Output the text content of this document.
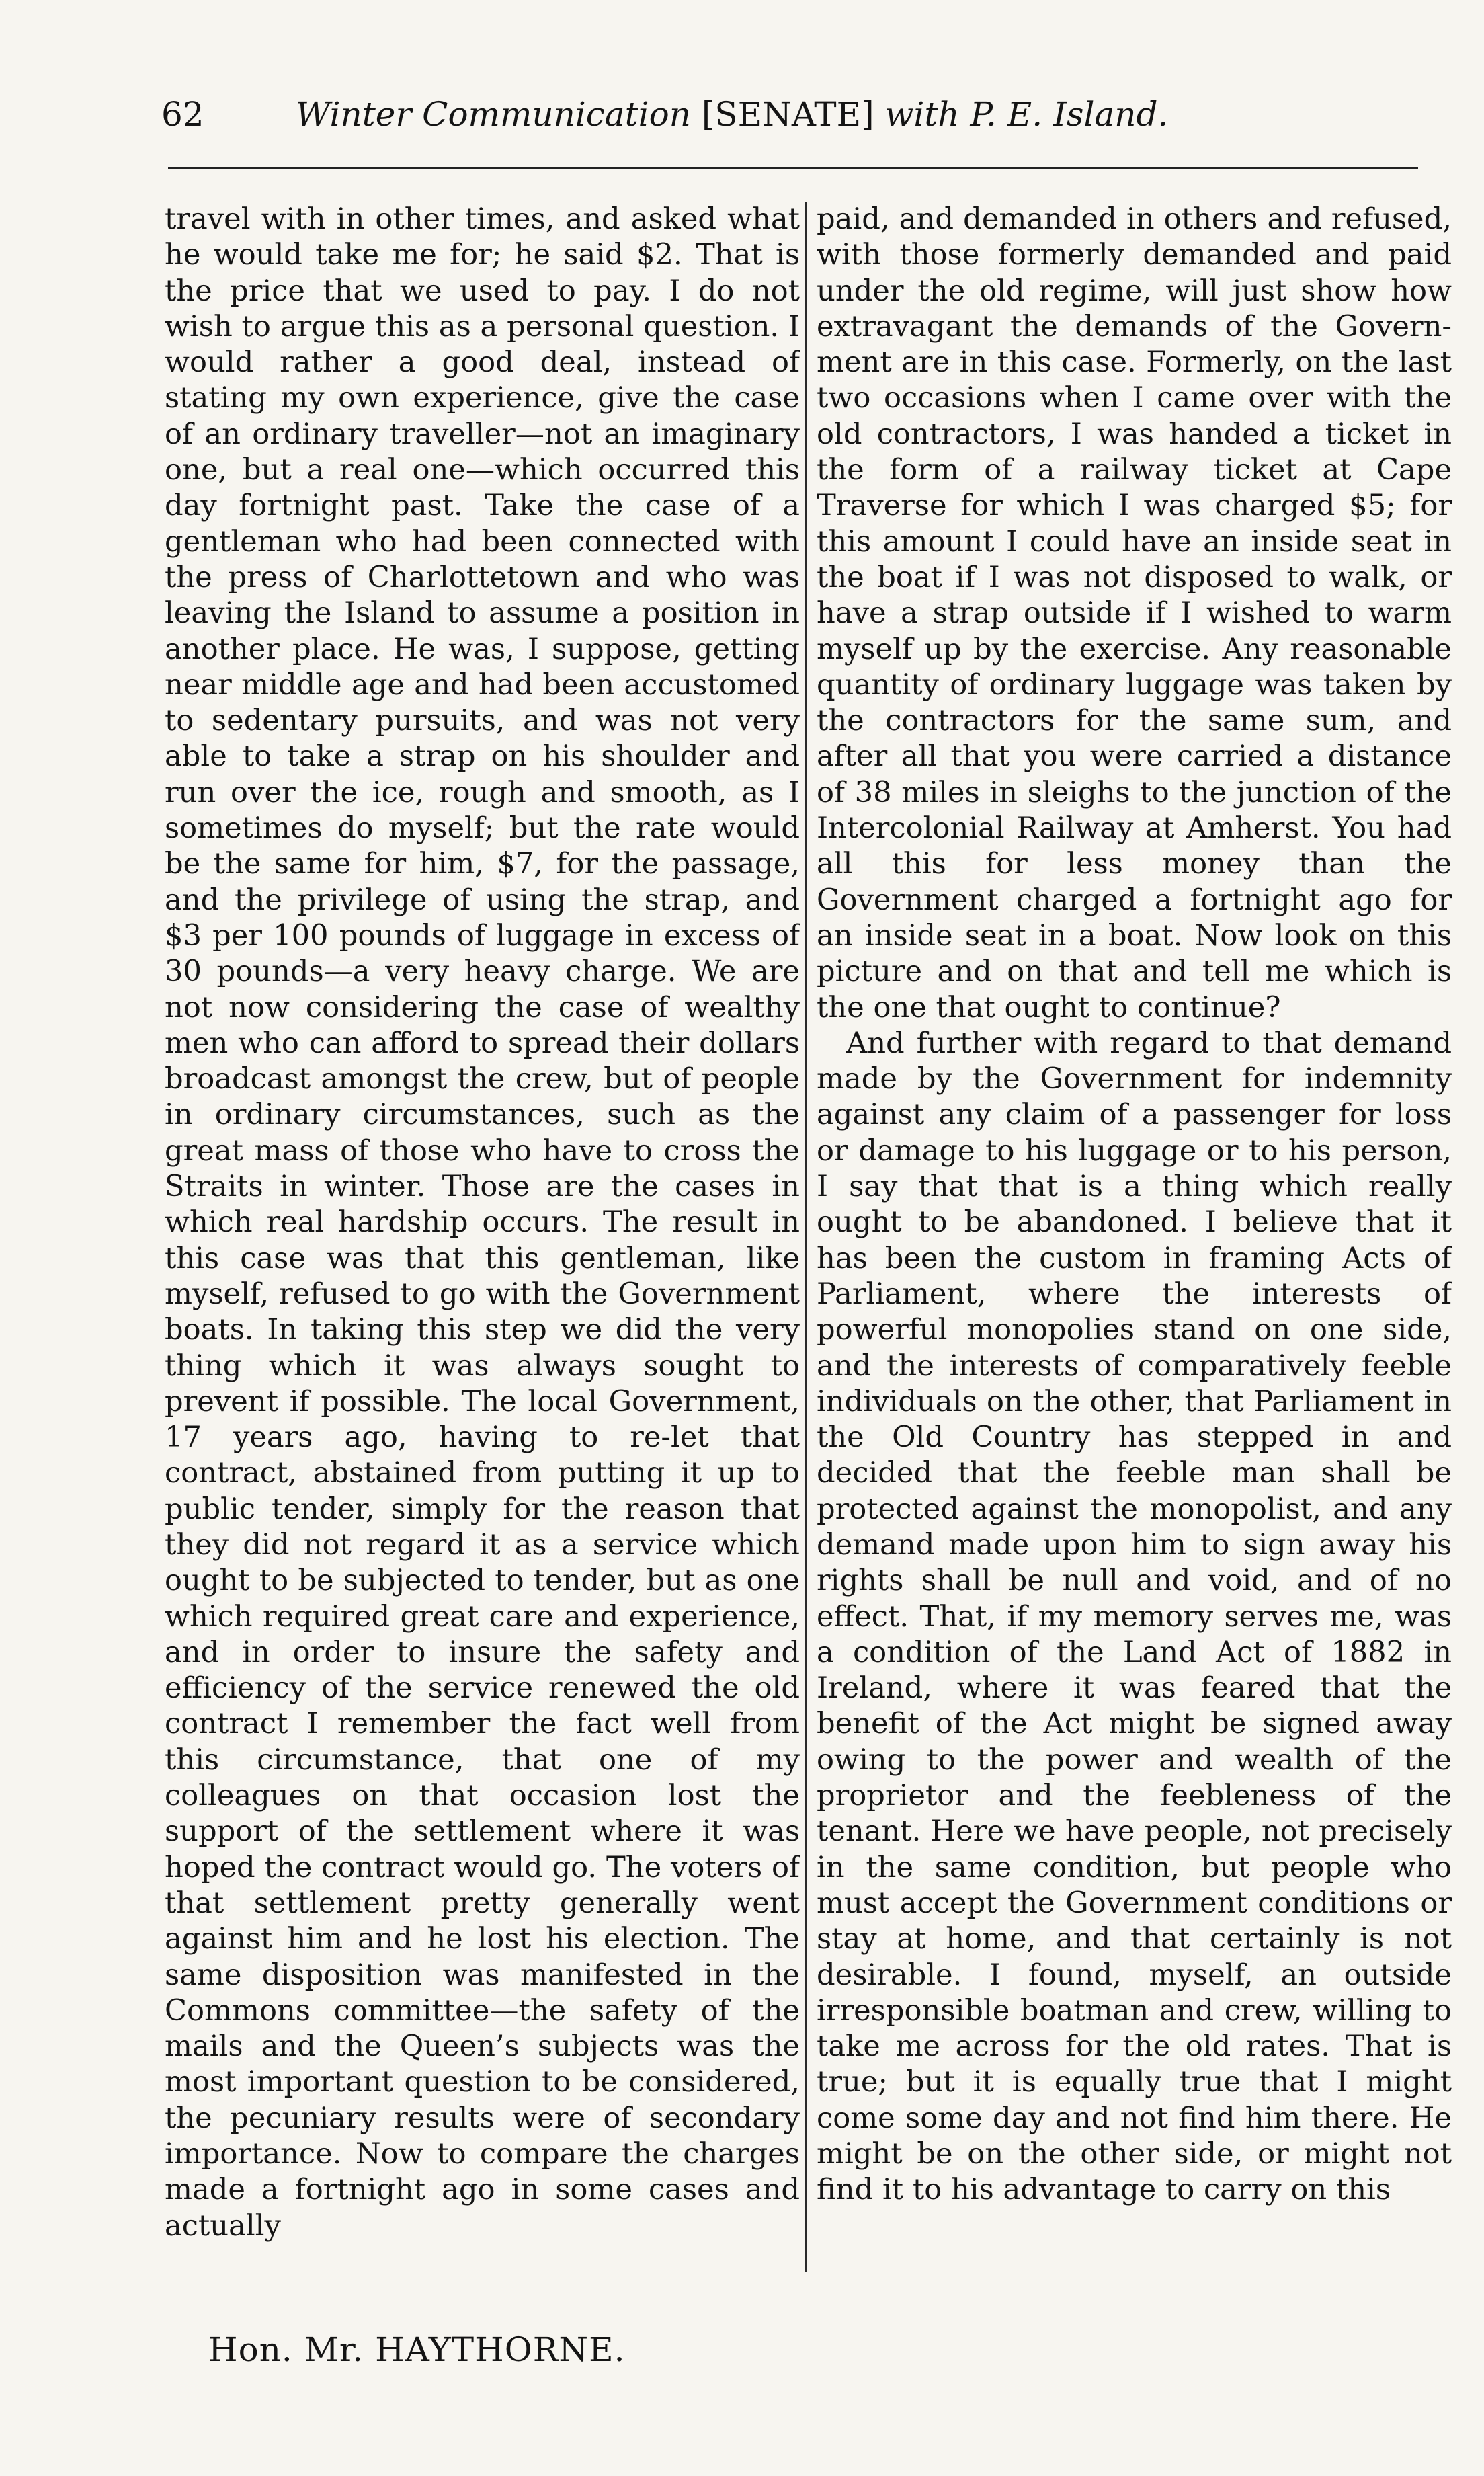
62	Winter Communication [SENATE] with P. E. Island.

travel with in other times, and asked what he would take me for; he said $2. That is the price that we used to pay. I do not wish to argue this as a personal question. I would rather a good deal, instead of stating my own experience, give the case of an ordinary traveller—not an imaginary one, but a real one—which occurred this day fortnight past. Take the case of a gentleman who had been connected with the press of Charlottetown and who was leaving the Island to assume a position in another place. He was, I suppose, getting near middle age and had been accustomed to sedentary pursuits, and was not very able to take a strap on his shoulder and run over the ice, rough and smooth, as I sometimes do myself; but the rate would be the same for him, $7, for the passage, and the privilege of using the strap, and $3 per 100 pounds of luggage in excess of 30 pounds—a very heavy charge. We are not now considering the case of wealthy men who can afford to spread their dollars broadcast amongst the crew, but of people in ordinary circumstances, such as the great mass of those who have to cross the Straits in winter. Those are the cases in which real hardship occurs. The result in this case was that this gentleman, like myself, refused to go with the Government boats. In taking this step we did the very thing which it was always sought to prevent if possible. The local Government, 17 years ago, having to re-let that contract, abstained from putting it up to public tender, simply for the reason that they did not regard it as a service which ought to be subjected to tender, but as one which required great care and experience, and in order to insure the safety and efficiency of the service renewed the old contract I remember the fact well from this circumstance, that one of my colleagues on that occasion lost the support of the settlement where it was hoped the contract would go. The voters of that settlement pretty generally went against him and he lost his election. The same disposition was manifested in the Commons committee—the safety of the mails and the Queen’s subjects was the most important question to be considered, the pecuniary results were of secondary importance. Now to compare the charges made a fortnight ago in some cases and actually

paid, and demanded in others and refused, with those formerly demanded and paid under the old regime, will just show how extravagant the demands of the Government are in this case. Formerly, on the last two occasions when I came over with the old contractors, I was handed a ticket in the form of a railway ticket at Cape Traverse for which I was charged $5; for this amount I could have an inside seat in the boat if I was not disposed to walk, or have a strap outside if I wished to warm myself up by the exercise. Any reasonable quantity of ordinary luggage was taken by the contractors for the same sum, and after all that you were carried a distance of 38 miles in sleighs to the junction of the Intercolonial Railway at Amherst. You had all this for less money than the Government charged a fortnight ago for an inside seat in a boat. Now look on this picture and on that and tell me which is the one that ought to continue?

And further with regard to that demand made by the Government for indemnity against any claim of a passenger for loss or damage to his luggage or to his person, I say that that is a thing which really ought to be abandoned. I believe that it has been the custom in framing Acts of Parliament, where the interests of powerful monopolies stand on one side, and the interests of comparatively feeble individuals on the other, that Parliament in the Old Country has stepped in and decided that the feeble man shall be protected against the monopolist, and any demand made upon him to sign away his rights shall be null and void, and of no effect. That, if my memory serves me, was a condition of the Land Act of 1882 in Ireland, where it was feared that the benefit of the Act might be signed away owing to the power and wealth of the proprietor and the feebleness of the tenant. Here we have people, not precisely in the same condition, but people who must accept the Government conditions or stay at home, and that certainly is not desirable. I found, myself, an outside irresponsible boatman and crew, willing to take me across for the old rates. That is true; but it is equally true that I might come some day and not find him there. He might be on the other side, or might not find it to his advantage to carry on this

Hon. Mr. HAYTHORNE.
